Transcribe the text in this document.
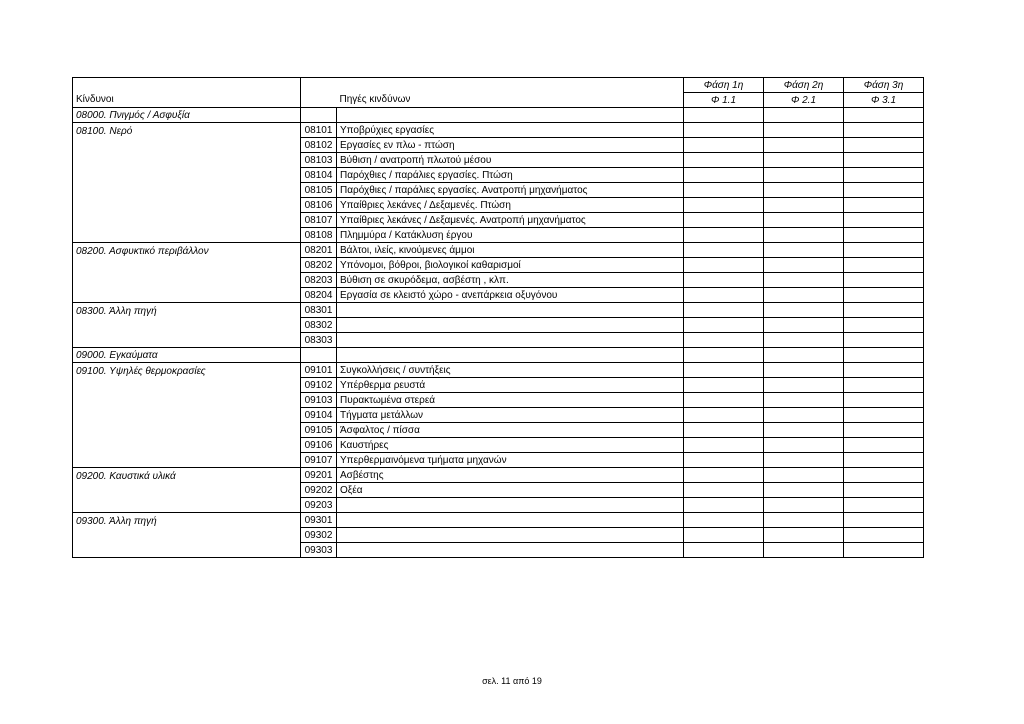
			Φάση 1η	Φάση 2η	Φάση 3η
Κίνδυνοι		Πηγές κινδύνων	Φ 1.1	Φ 2.1	Φ 3.1
08000. Πνιγμός / Ασφυξία					
08100. Νερό	08101	Υποβρύχιες εργασίες			
	08102	Εργασίες εν πλω - πτώση			
	08103	Βύθιση / ανατροπή πλωτού μέσου			
	08104	Παρόχθιες / παράλιες εργασίες. Πτώση			
	08105	Παρόχθιες / παράλιες εργασίες. Ανατροπή μηχανήματος			
	08106	Υπαίθριες λεκάνες / Δεξαμενές. Πτώση			
	08107	Υπαίθριες λεκάνες / Δεξαμενές. Ανατροπή μηχανήματος			
	08108	Πλημμύρα / Κατάκλυση έργου			
08200. Ασφυκτικό περιβάλλον	08201	Βάλτοι, ιλείς, κινούμενες άμμοι			
	08202	Υπόνομοι, βόθροι, βιολογικοί καθαρισμοί			
	08203	Βύθιση σε σκυρόδεμα, ασβέστη , κλπ.			
	08204	Εργασία σε κλειστό χώρο - ανεπάρκεια οξυγόνου			
08300. Άλλη πηγή	08301				
	08302				
	08303				
09000. Εγκαύματα					
09100. Υψηλές θερμοκρασίες	09101	Συγκολλήσεις / συντήξεις			
	09102	Υπέρθερμα ρευστά			
	09103	Πυρακτωμένα στερεά			
	09104	Τήγματα μετάλλων			
	09105	Άσφαλτος / πίσσα			
	09106	Καυστήρες			
	09107	Υπερθερμαινόμενα τμήματα μηχανών			
09200. Καυστικά υλικά	09201	Ασβέστης			
	09202	Οξέα			
	09203				
09300. Άλλη πηγή	09301				
	09302				
	09303				
σελ. 11 από 19
